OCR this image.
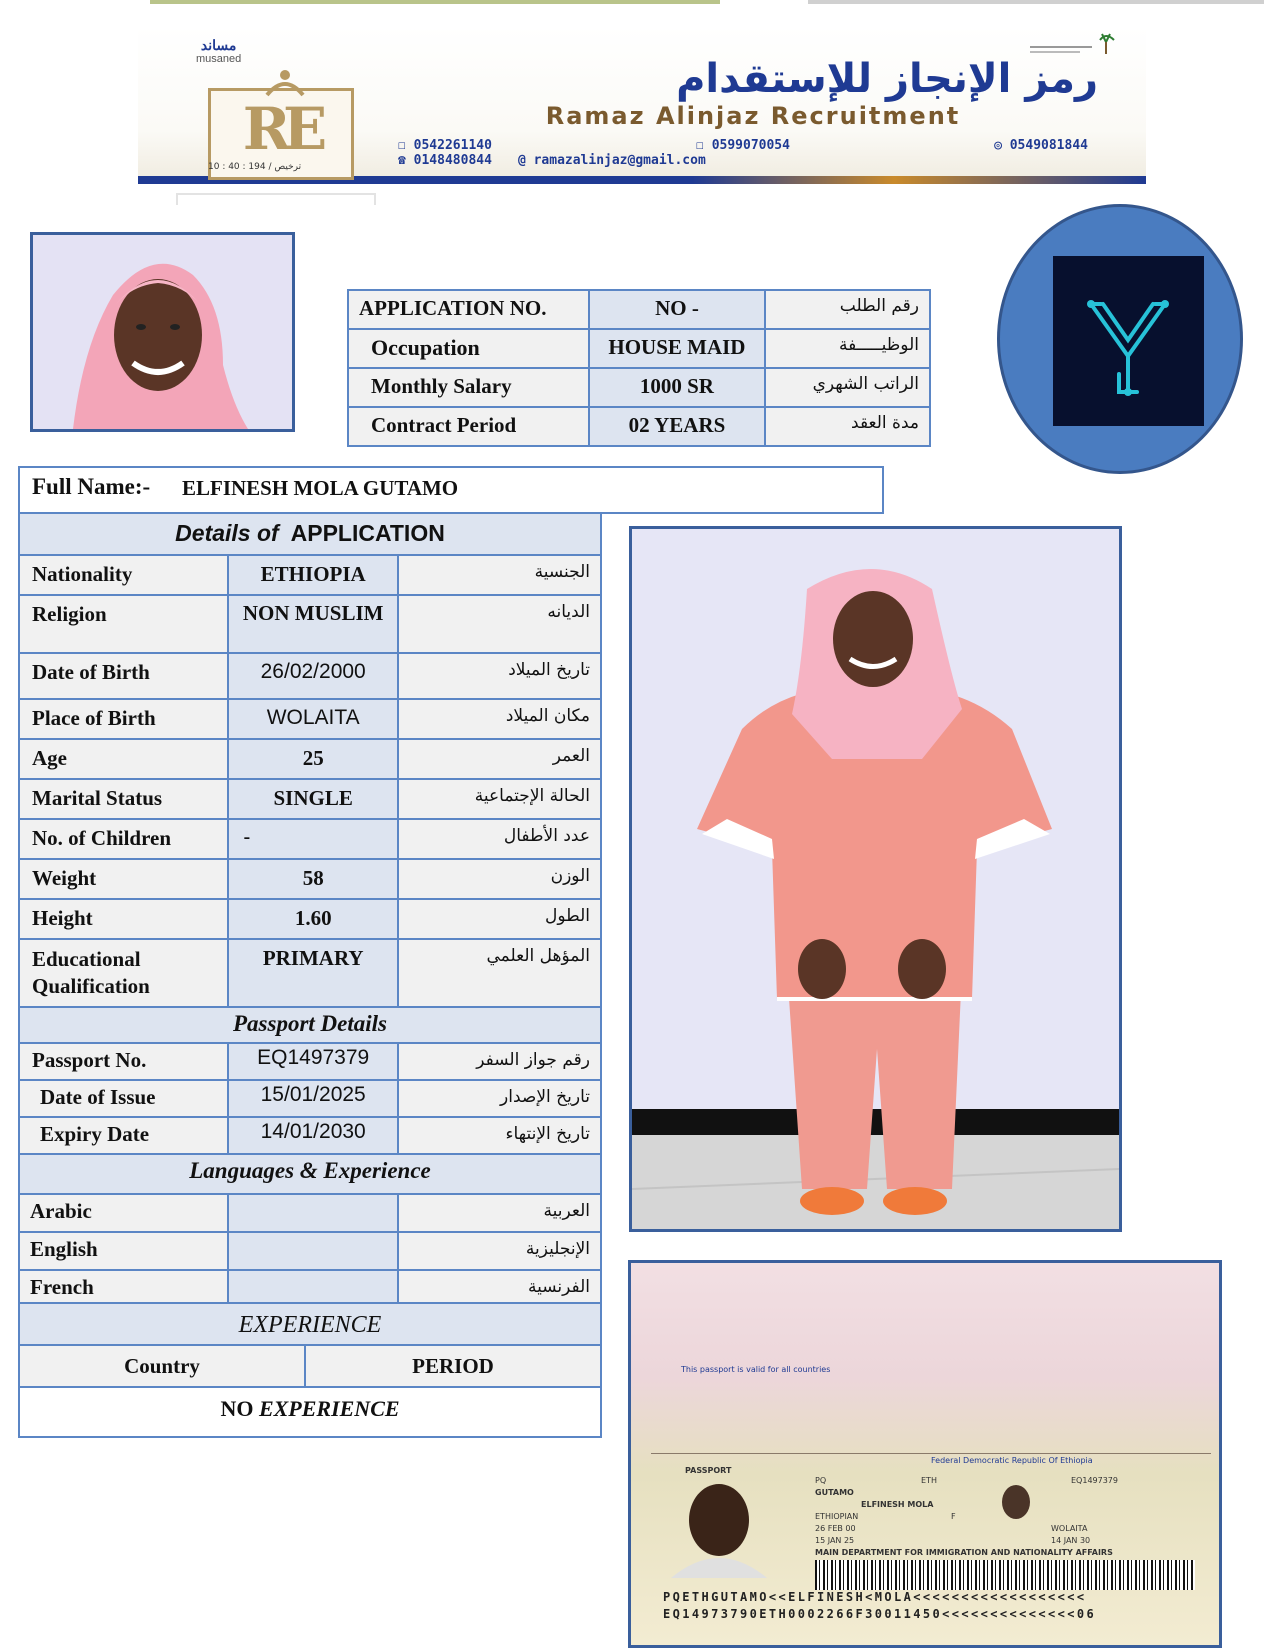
مساند
musaned
RE
10 : 40 : 194 / ترخيص
رمز الإنجاز للإستقدام
Ramaz Alinjaz Recruitment
☐ 0542261140	☐ 0599070054	◎ 0549081844
☎ 0148480844 @ ramazalinjaz@gmail.com
APPLICATION NO.	NO -	رقم الطلب
Occupation	HOUSE MAID	الوظيـــــفة
Monthly Salary	1000 SR	الراتب الشهري
Contract Period	02 YEARS	مدة العقد
Full Name:- ELFINESH MOLA GUTAMO
Details of APPLICATION		
Nationality	ETHIOPIA	الجنسية
Religion	NON MUSLIM	الديانه
Date of Birth	26/02/2000	تاريخ الميلاد
Place of Birth	WOLAITA	مكان الميلاد
Age	25	العمر
Marital Status	SINGLE	الحالة الإجتماعية
No. of Children	-	عدد الأطفال
Weight	58	الوزن
Height	1.60	الطول
Educational Qualification	PRIMARY	المؤهل العلمي
Passport Details		
Passport No.	EQ1497379	رقم جواز السفر
Date of Issue	15/01/2025	تاريخ الإصدار
Expiry Date	14/01/2030	تاريخ الإنتهاء
Languages & Experience		
Arabic		العربية
English		الإنجليزية
French		الفرنسية
EXPERIENCE
Country	PERIOD
NO EXPERIENCE
This passport is valid for all countries
Federal Democratic Republic Of Ethiopia
PASSPORT
PQ	ETH	EQ1497379
GUTAMO
ELFINESH MOLA
ETHIOPIAN	F
26 FEB 00	WOLAITA
15 JAN 25	14 JAN 30
MAIN DEPARTMENT FOR IMMIGRATION AND NATIONALITY AFFAIRS
PQETHGUTAMO<<ELFINESH<MOLA<<<<<<<<<<<<<<<<<<
EQ14973790ETH0002266F30011450<<<<<<<<<<<<<<06
